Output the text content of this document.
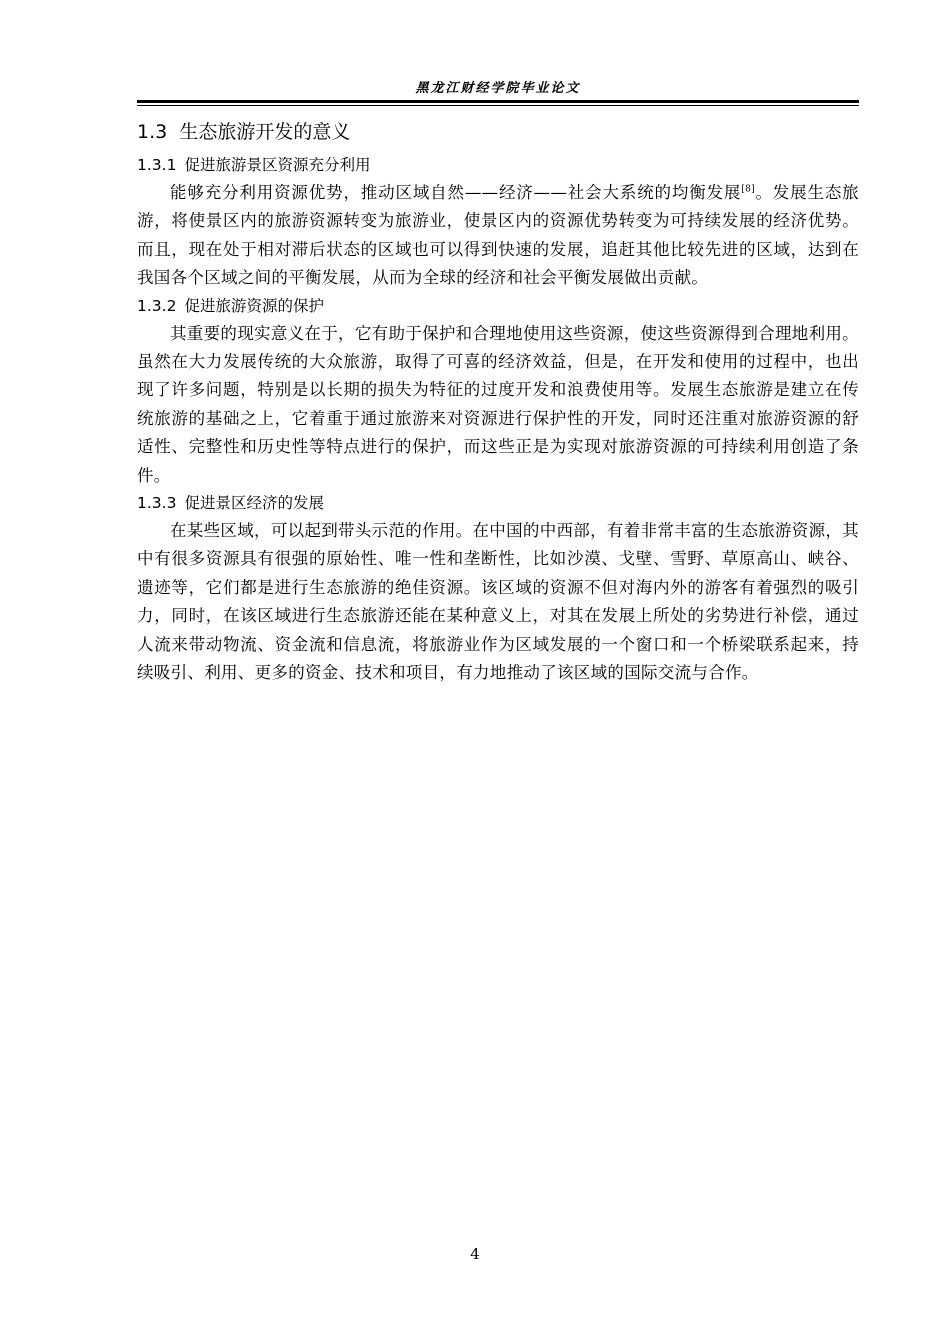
黑龙江财经学院毕业论文
1.3 生态旅游开发的意义
1.3.1 促进旅游景区资源充分利用

能够充分利用资源优势，推动区域自然——经济——社会大系统的均衡发展[8]。发展生态旅游，将使景区内的旅游资源转变为旅游业，使景区内的资源优势转变为可持续发展的经济优势。而且，现在处于相对滞后状态的区域也可以得到快速的发展，追赶其他比较先进的区域，达到在我国各个区域之间的平衡发展，从而为全球的经济和社会平衡发展做出贡献。

1.3.2 促进旅游资源的保护

其重要的现实意义在于，它有助于保护和合理地使用这些资源，使这些资源得到合理地利用。虽然在大力发展传统的大众旅游，取得了可喜的经济效益，但是，在开发和使用的过程中，也出现了许多问题，特别是以长期的损失为特征的过度开发和浪费使用等。发展生态旅游是建立在传统旅游的基础之上，它着重于通过旅游来对资源进行保护性的开发，同时还注重对旅游资源的舒适性、完整性和历史性等特点进行的保护，而这些正是为实现对旅游资源的可持续利用创造了条件。

1.3.3 促进景区经济的发展

在某些区域，可以起到带头示范的作用。在中国的中西部，有着非常丰富的生态旅游资源，其中有很多资源具有很强的原始性、唯一性和垄断性，比如沙漠、戈壁、雪野、草原高山、峡谷、遗迹等，它们都是进行生态旅游的绝佳资源。该区域的资源不但对海内外的游客有着强烈的吸引力，同时，在该区域进行生态旅游还能在某种意义上，对其在发展上所处的劣势进行补偿，通过人流来带动物流、资金流和信息流，将旅游业作为区域发展的一个窗口和一个桥梁联系起来，持续吸引、利用、更多的资金、技术和项目，有力地推动了该区域的国际交流与合作。

4
